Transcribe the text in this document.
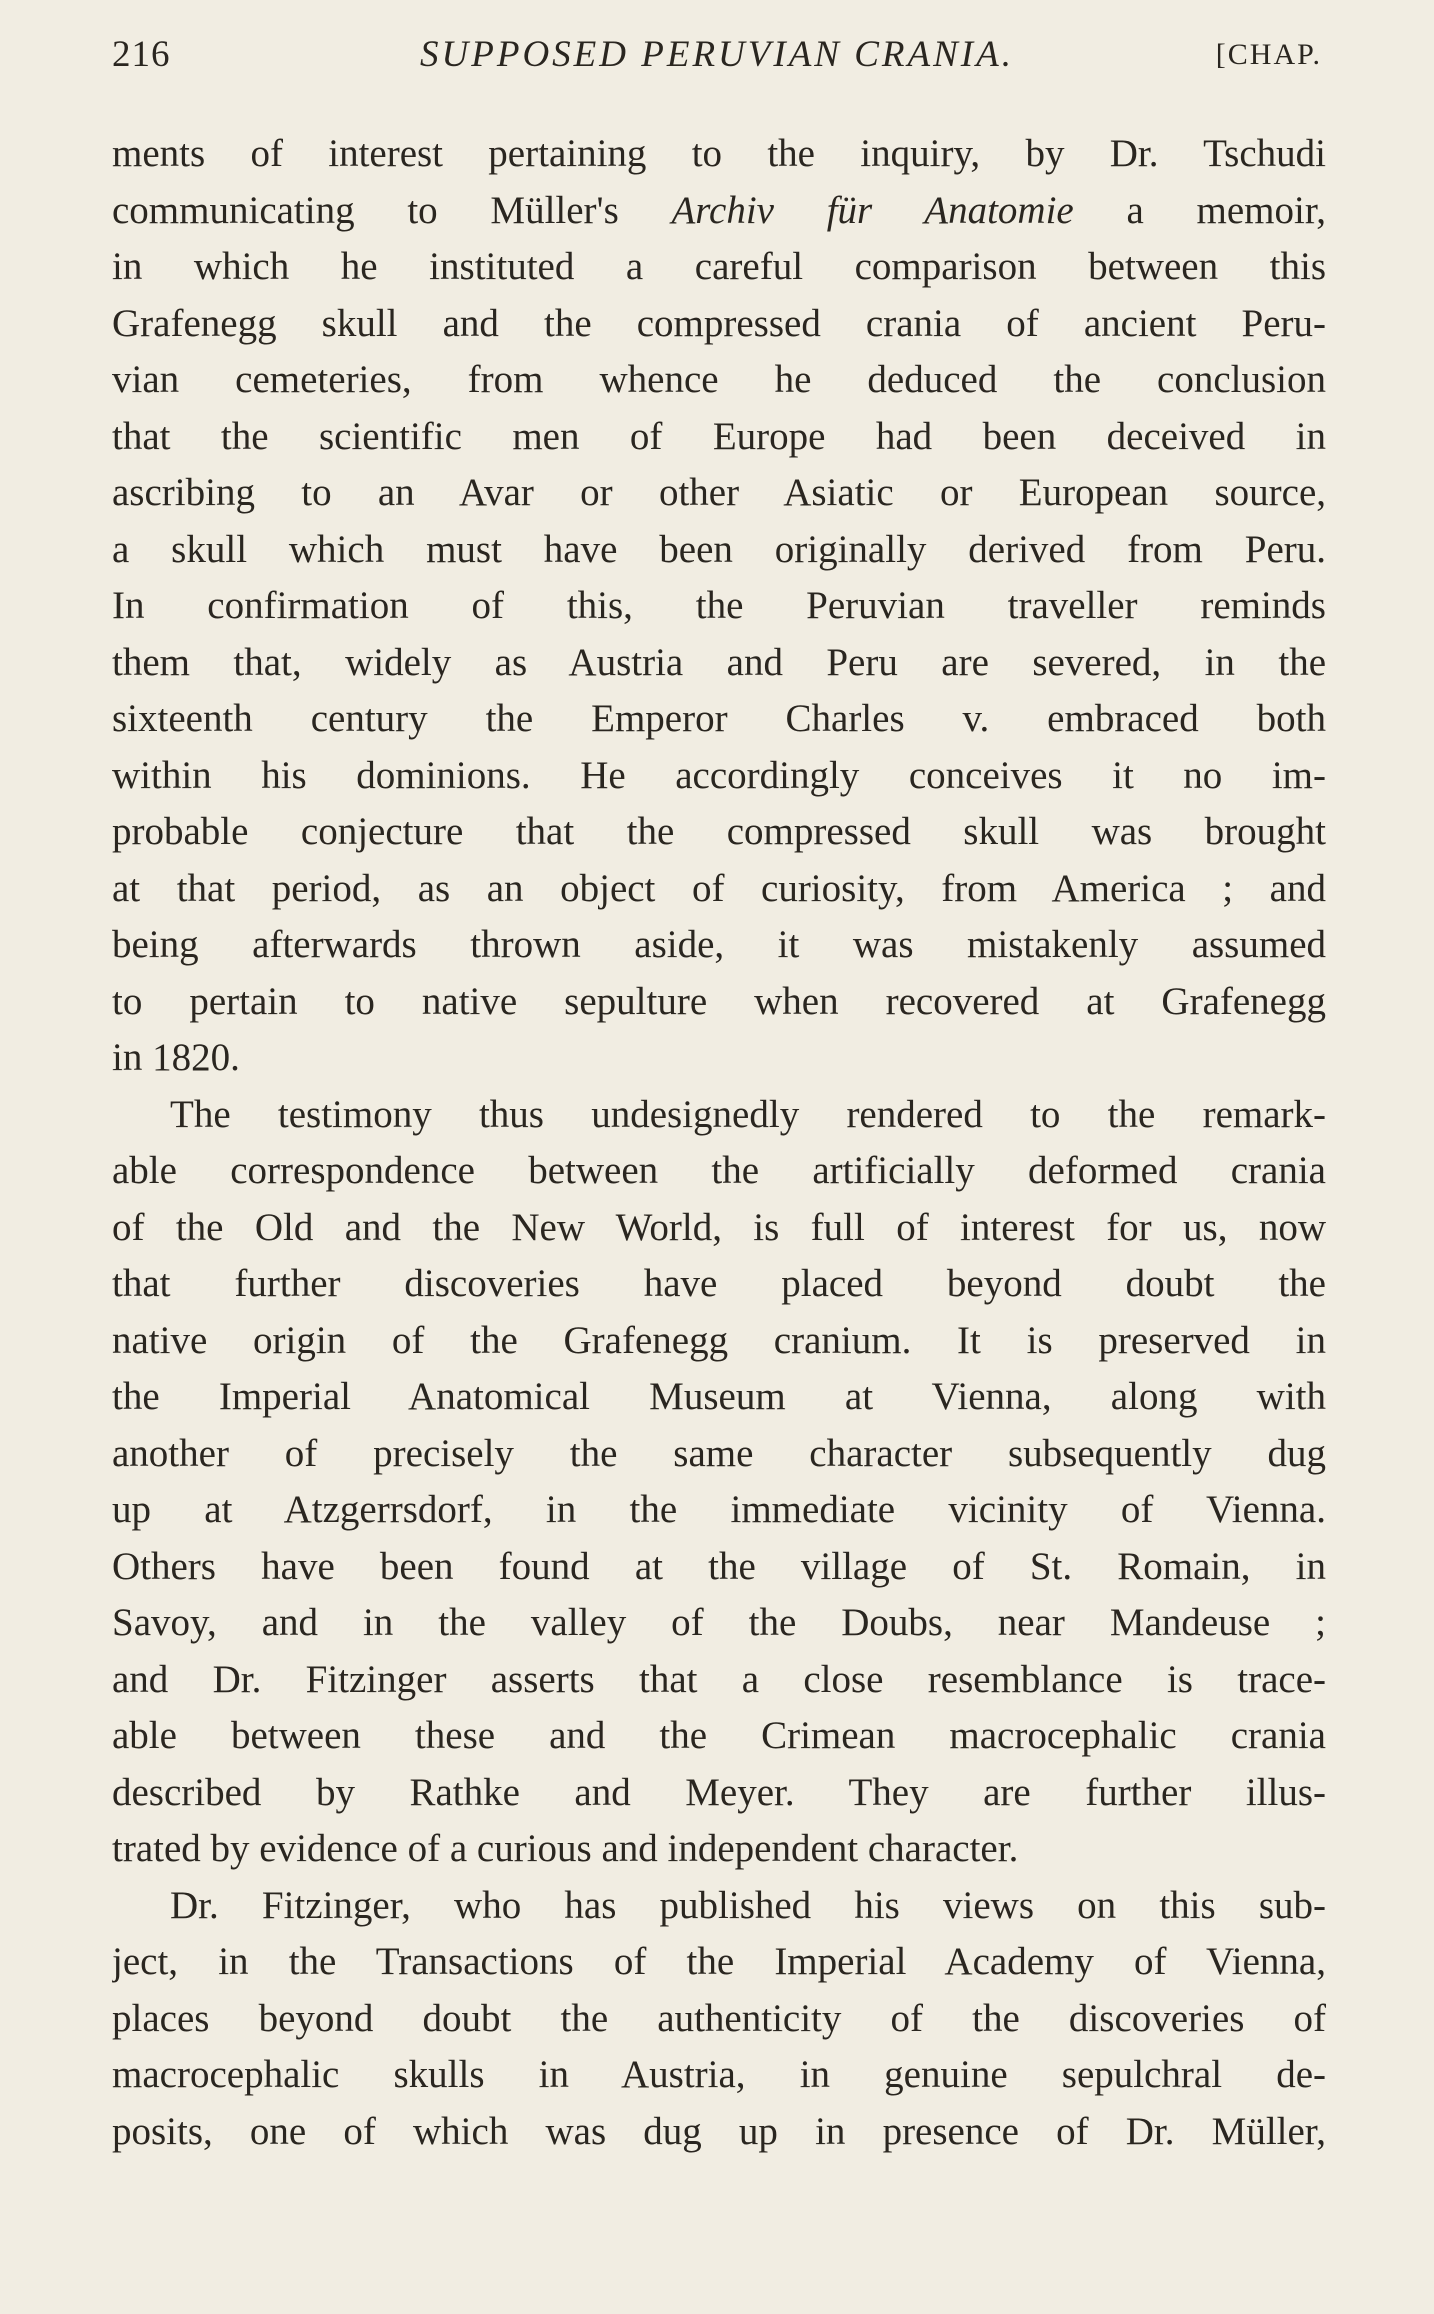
216	SUPPOSED PERUVIAN CRANIA.	[CHAP.
ments of interest pertaining to the inquiry, by Dr. Tschudi
communicating to Müller's Archiv für Anatomie a memoir,
in which he instituted a careful comparison between this
Grafenegg skull and the compressed crania of ancient Peru-
vian cemeteries, from whence he deduced the conclusion
that the scientific men of Europe had been deceived in
ascribing to an Avar or other Asiatic or European source,
a skull which must have been originally derived from Peru.
In confirmation of this, the Peruvian traveller reminds
them that, widely as Austria and Peru are severed, in the
sixteenth century the Emperor Charles v. embraced both
within his dominions. He accordingly conceives it no im-
probable conjecture that the compressed skull was brought
at that period, as an object of curiosity, from America ; and
being afterwards thrown aside, it was mistakenly assumed
to pertain to native sepulture when recovered at Grafenegg
in 1820.
The testimony thus undesignedly rendered to the remark-
able correspondence between the artificially deformed crania
of the Old and the New World, is full of interest for us, now
that further discoveries have placed beyond doubt the
native origin of the Grafenegg cranium. It is preserved in
the Imperial Anatomical Museum at Vienna, along with
another of precisely the same character subsequently dug
up at Atzgerrsdorf, in the immediate vicinity of Vienna.
Others have been found at the village of St. Romain, in
Savoy, and in the valley of the Doubs, near Mandeuse ;
and Dr. Fitzinger asserts that a close resemblance is trace-
able between these and the Crimean macrocephalic crania
described by Rathke and Meyer. They are further illus-
trated by evidence of a curious and independent character.
Dr. Fitzinger, who has published his views on this sub-
ject, in the Transactions of the Imperial Academy of Vienna,
places beyond doubt the authenticity of the discoveries of
macrocephalic skulls in Austria, in genuine sepulchral de-
posits, one of which was dug up in presence of Dr. Müller,
